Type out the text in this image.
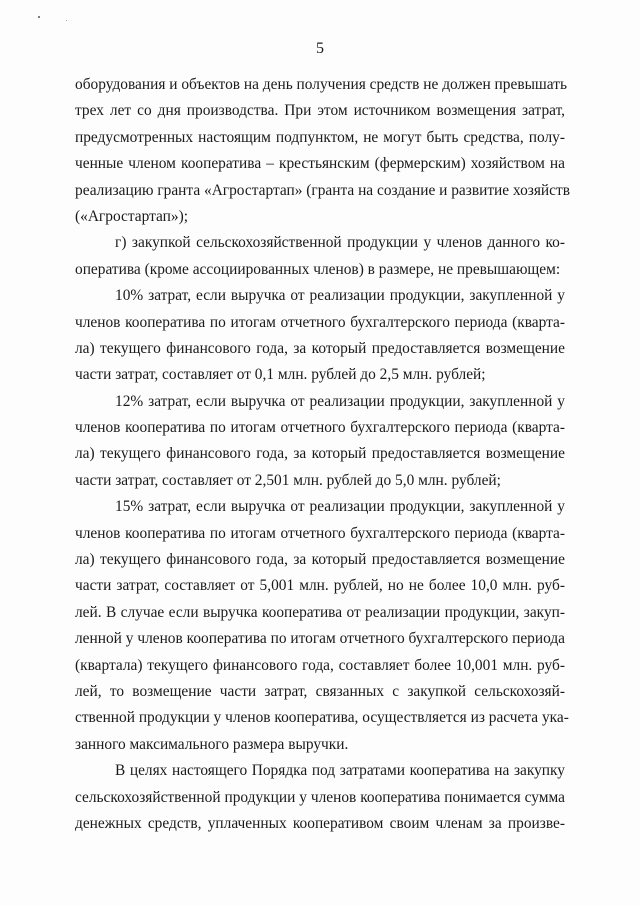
5
оборудования и объектов на день получения средств не должен превышать
трех лет со дня производства. При этом источником возмещения затрат,
предусмотренных настоящим подпунктом, не могут быть средства, полу-
ченные членом кооператива – крестьянским (фермерским) хозяйством на
реализацию гранта «Агростартап» (гранта на создание и развитие хозяйств
(«Агростартап»);
г) закупкой сельскохозяйственной продукции у членов данного ко-
оператива (кроме ассоциированных членов) в размере, не превышающем:
10% затрат, если выручка от реализации продукции, закупленной у
членов кооператива по итогам отчетного бухгалтерского периода (кварта-
ла) текущего финансового года, за который предоставляется возмещение
части затрат, составляет от 0,1 млн. рублей до 2,5 млн. рублей;
12% затрат, если выручка от реализации продукции, закупленной у
членов кооператива по итогам отчетного бухгалтерского периода (кварта-
ла) текущего финансового года, за который предоставляется возмещение
части затрат, составляет от 2,501 млн. рублей до 5,0 млн. рублей;
15% затрат, если выручка от реализации продукции, закупленной у
членов кооператива по итогам отчетного бухгалтерского периода (кварта-
ла) текущего финансового года, за который предоставляется возмещение
части затрат, составляет от 5,001 млн. рублей, но не более 10,0 млн. руб-
лей. В случае если выручка кооператива от реализации продукции, закуп-
ленной у членов кооператива по итогам отчетного бухгалтерского периода
(квартала) текущего финансового года, составляет более 10,001 млн. руб-
лей, то возмещение части затрат, связанных с закупкой сельскохозяй-
ственной продукции у членов кооператива, осуществляется из расчета ука-
занного максимального размера выручки.
В целях настоящего Порядка под затратами кооператива на закупку
сельскохозяйственной продукции у членов кооператива понимается сумма
денежных средств, уплаченных кооперативом своим членам за произве-
